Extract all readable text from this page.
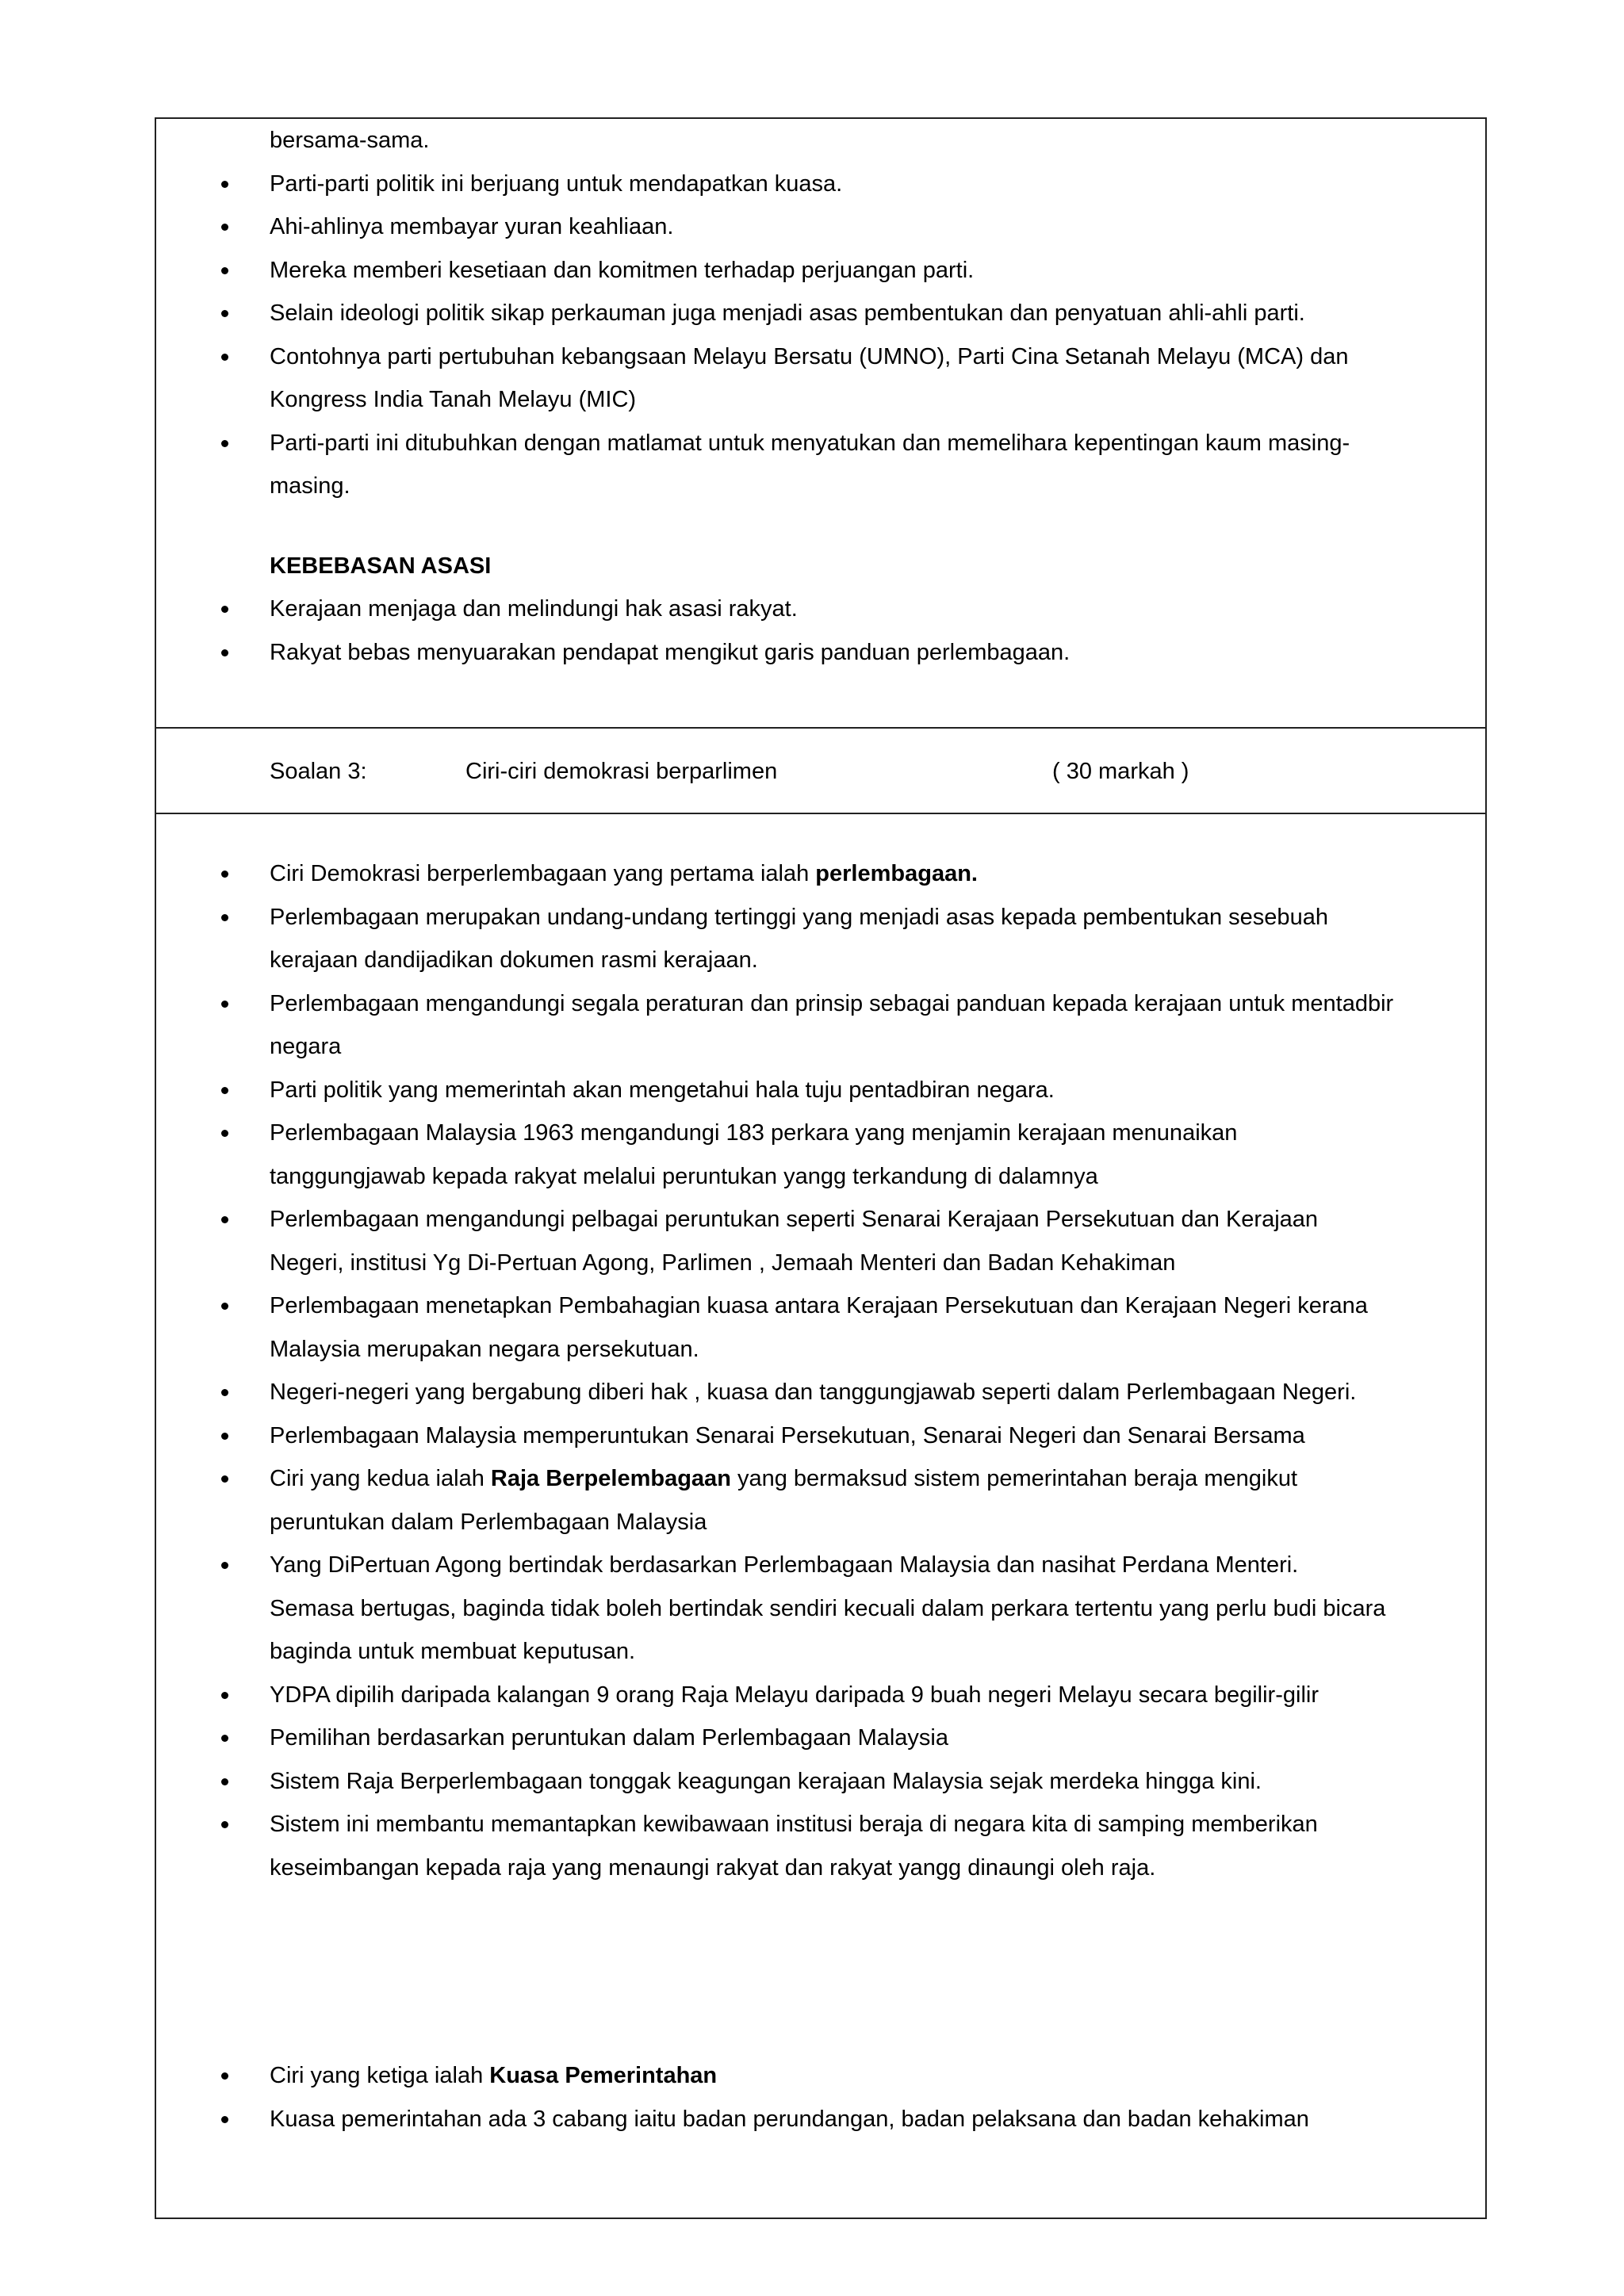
bersama-sama.
Parti-parti politik ini berjuang untuk mendapatkan kuasa.
Ahi-ahlinya membayar yuran keahliaan.
Mereka memberi kesetiaan dan komitmen terhadap perjuangan parti.
Selain ideologi politik sikap perkauman juga menjadi asas pembentukan dan penyatuan ahli-ahli parti.
Contohnya parti pertubuhan kebangsaan Melayu Bersatu (UMNO), Parti Cina Setanah Melayu (MCA) dan
Kongress India Tanah Melayu (MIC)
Parti-parti ini ditubuhkan dengan matlamat untuk menyatukan dan memelihara kepentingan kaum masing-
masing.
KEBEBASAN ASASI
Kerajaan menjaga dan melindungi hak asasi rakyat.
Rakyat bebas menyuarakan pendapat mengikut garis panduan perlembagaan.
Soalan 3:	Ciri-ciri demokrasi berparlimen	( 30 markah )
Ciri Demokrasi berperlembagaan yang pertama ialah perlembagaan.
Perlembagaan merupakan undang-undang tertinggi yang menjadi asas kepada pembentukan sesebuah
kerajaan dandijadikan dokumen rasmi kerajaan.
Perlembagaan mengandungi segala peraturan dan prinsip sebagai panduan kepada kerajaan untuk mentadbir
negara
Parti politik yang memerintah akan mengetahui hala tuju pentadbiran negara.
Perlembagaan Malaysia 1963 mengandungi 183 perkara yang menjamin kerajaan menunaikan
tanggungjawab kepada rakyat melalui peruntukan yangg terkandung di dalamnya
Perlembagaan mengandungi pelbagai peruntukan seperti Senarai Kerajaan Persekutuan dan Kerajaan
Negeri, institusi Yg Di-Pertuan Agong, Parlimen , Jemaah Menteri dan Badan Kehakiman
Perlembagaan menetapkan Pembahagian kuasa antara Kerajaan Persekutuan dan Kerajaan Negeri kerana
Malaysia merupakan negara persekutuan.
Negeri-negeri yang bergabung diberi hak , kuasa dan tanggungjawab seperti dalam Perlembagaan Negeri.
Perlembagaan Malaysia memperuntukan Senarai Persekutuan, Senarai Negeri dan Senarai Bersama
Ciri yang kedua ialah Raja Berpelembagaan yang bermaksud sistem pemerintahan beraja mengikut
peruntukan dalam Perlembagaan Malaysia
Yang DiPertuan Agong bertindak berdasarkan Perlembagaan Malaysia dan nasihat Perdana Menteri.
Semasa bertugas, baginda tidak boleh bertindak sendiri kecuali dalam perkara tertentu yang perlu budi bicara
baginda untuk membuat keputusan.
YDPA dipilih daripada kalangan 9 orang Raja Melayu daripada 9 buah negeri Melayu secara begilir-gilir
Pemilihan berdasarkan peruntukan dalam Perlembagaan Malaysia
Sistem Raja Berperlembagaan tonggak keagungan kerajaan Malaysia sejak merdeka hingga kini.
Sistem ini membantu memantapkan kewibawaan institusi beraja di negara kita di samping memberikan
keseimbangan kepada raja yang menaungi rakyat dan rakyat yangg dinaungi oleh raja.
Ciri yang ketiga ialah Kuasa Pemerintahan
Kuasa pemerintahan ada 3 cabang iaitu badan perundangan, badan pelaksana dan badan kehakiman
